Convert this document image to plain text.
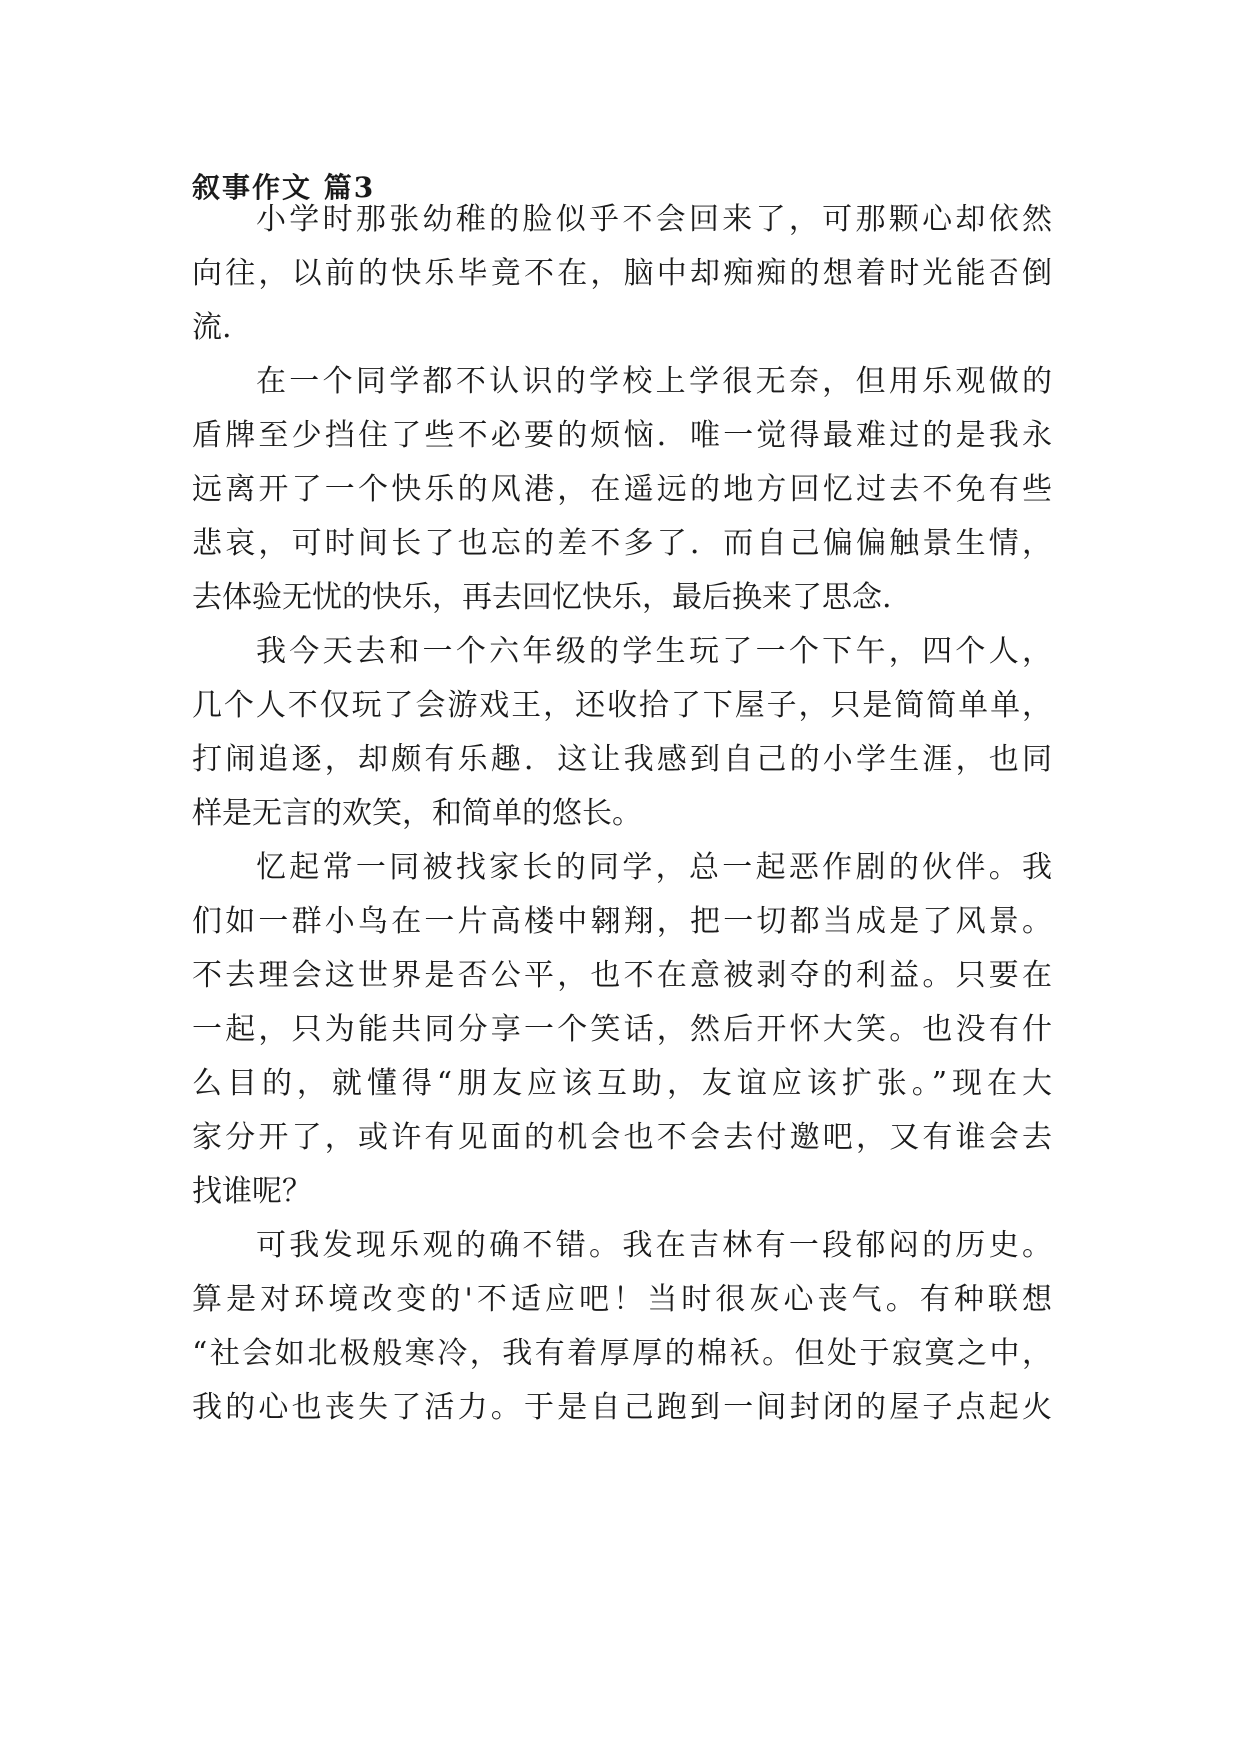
叙事作文 篇3

小学时那张幼稚的脸似乎不会回来了，可那颗心却依然

向往，以前的快乐毕竟不在，脑中却痴痴的想着时光能否倒

流.

在一个同学都不认识的学校上学很无奈，但用乐观做的

盾牌至少挡住了些不必要的烦恼．唯一觉得最难过的是我永

远离开了一个快乐的风港，在遥远的地方回忆过去不免有些

悲哀，可时间长了也忘的差不多了．而自己偏偏触景生情，

去体验无忧的快乐，再去回忆快乐，最后换来了思念.

我今天去和一个六年级的学生玩了一个下午，四个人，

几个人不仅玩了会游戏王，还收拾了下屋子，只是简简单单，

打闹追逐，却颇有乐趣．这让我感到自己的小学生涯，也同

样是无言的欢笑，和简单的悠长。

忆起常一同被找家长的同学，总一起恶作剧的伙伴。我

们如一群小鸟在一片高楼中翱翔，把一切都当成是了风景。

不去理会这世界是否公平，也不在意被剥夺的利益。只要在

一起，只为能共同分享一个笑话，然后开怀大笑。也没有什

么目的，就懂得“朋友应该互助，友谊应该扩张。”现在大

家分开了，或许有见面的机会也不会去付邀吧，又有谁会去

找谁呢？

可我发现乐观的确不错。我在吉林有一段郁闷的历史。

算是对环境改变的'不适应吧！当时很灰心丧气。有种联想

“社会如北极般寒冷，我有着厚厚的棉袄。但处于寂寞之中，

我的心也丧失了活力。于是自己跑到一间封闭的屋子点起火
